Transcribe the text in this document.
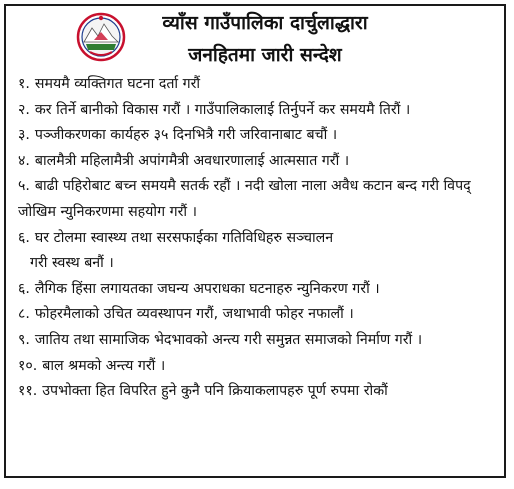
व्याँस गाउँपालिका दार्चुलाद्धारा
जनहितमा जारी सन्देश
१. समयमै व्यक्तिगत घटना दर्ता गरौं
२. कर तिर्ने बानीको विकास गरौं । गाउँपालिकालाई तिर्नुपर्ने कर समयमै तिरौं ।
३. पञ्जीकरणका कार्यहरु ३५ दिनभित्रै गरी जरिवानाबाट बचौं ।
४. बालमैत्री महिलामैत्री अपांगमैत्री अवधारणालाई आत्मसात गरौं ।
५. बाढी पहिरोबाट बच्न समयमै सतर्क रहौं । नदी खोला नाला अवैध कटान बन्द गरी विपद् जोखिम न्युनिकरणमा सहयोग गरौं ।
६. घर टोलमा स्वास्थ्य तथा सरसफाईका गतिविधिहरु सञ्चालन
गरी स्वस्थ बनौं ।
६. लैगिक हिंसा लगायतका जघन्य अपराधका घटनाहरु न्युनिकरण गरौं ।
८. फोहरमैलाको उचित व्यवस्थापन गरौं, जथाभावी फोहर नफालौं ।
९. जातिय तथा सामाजिक भेदभावको अन्त्य गरी समुन्नत समाजको निर्माण गरौं ।
१०. बाल श्रमको अन्त्य गरौं ।
११. उपभोक्ता हित विपरित हुने कुनै पनि क्रियाकलापहरु पूर्ण रुपमा रोकौं
